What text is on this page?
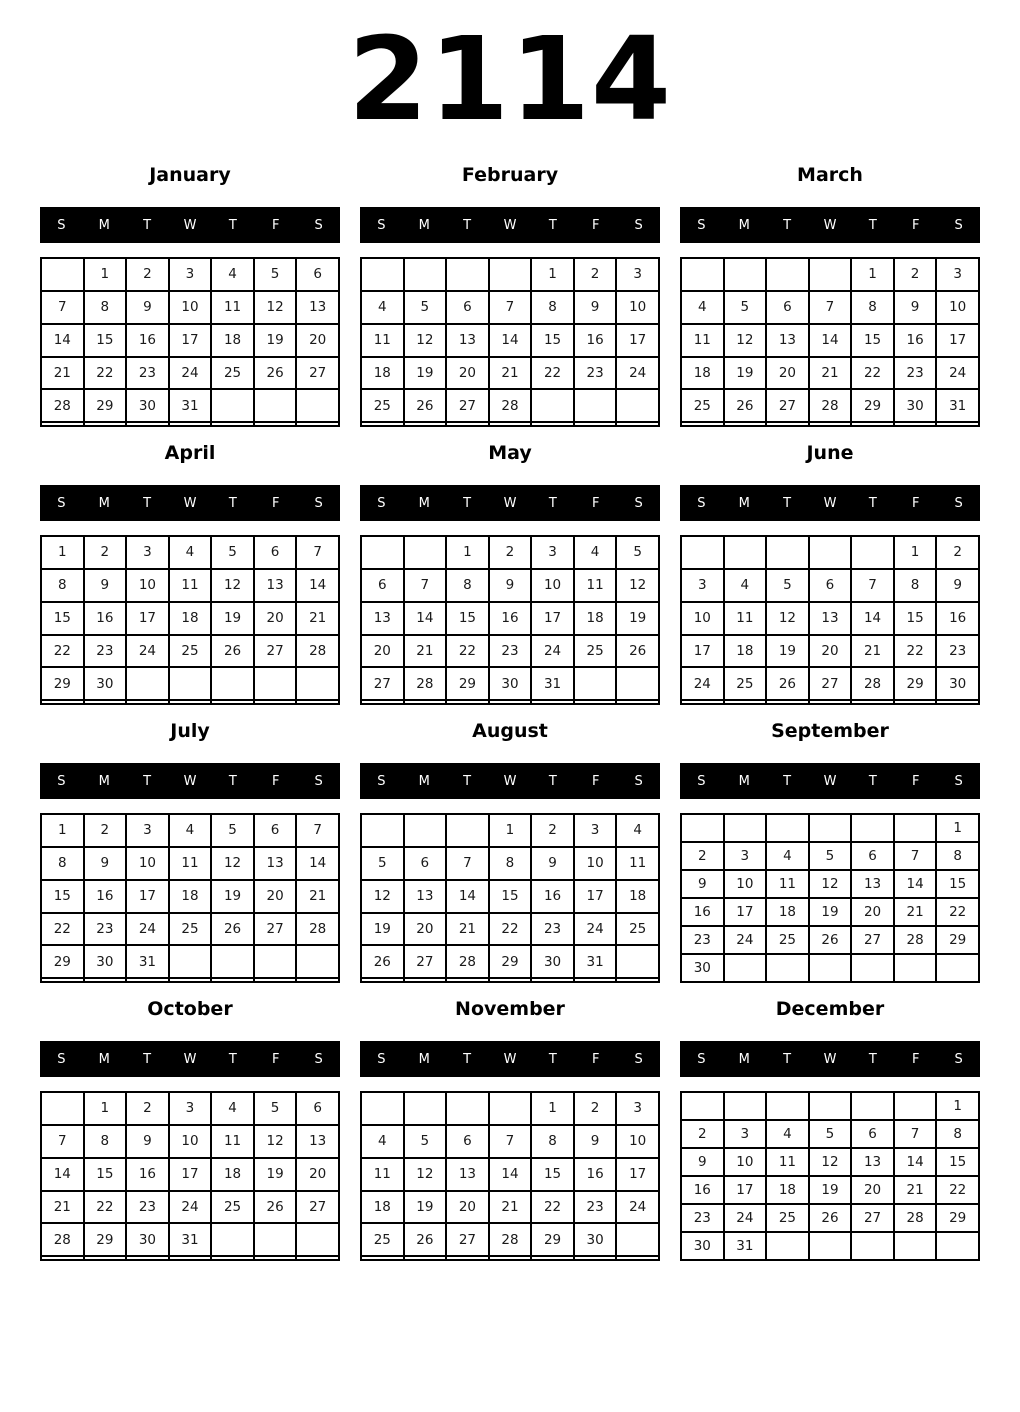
2114
January
S	M	T	W	T	F	S
	1	2	3	4	5	6
7	8	9	10	11	12	13
14	15	16	17	18	19	20
21	22	23	24	25	26	27
28	29	30	31			

February
S	M	T	W	T	F	S
				1	2	3
4	5	6	7	8	9	10
11	12	13	14	15	16	17
18	19	20	21	22	23	24
25	26	27	28			

March
S	M	T	W	T	F	S
				1	2	3
4	5	6	7	8	9	10
11	12	13	14	15	16	17
18	19	20	21	22	23	24
25	26	27	28	29	30	31

April
S	M	T	W	T	F	S
1	2	3	4	5	6	7
8	9	10	11	12	13	14
15	16	17	18	19	20	21
22	23	24	25	26	27	28
29	30					

May
S	M	T	W	T	F	S
		1	2	3	4	5
6	7	8	9	10	11	12
13	14	15	16	17	18	19
20	21	22	23	24	25	26
27	28	29	30	31		

June
S	M	T	W	T	F	S
					1	2
3	4	5	6	7	8	9
10	11	12	13	14	15	16
17	18	19	20	21	22	23
24	25	26	27	28	29	30

July
S	M	T	W	T	F	S
1	2	3	4	5	6	7
8	9	10	11	12	13	14
15	16	17	18	19	20	21
22	23	24	25	26	27	28
29	30	31				

August
S	M	T	W	T	F	S
			1	2	3	4
5	6	7	8	9	10	11
12	13	14	15	16	17	18
19	20	21	22	23	24	25
26	27	28	29	30	31	

September
S	M	T	W	T	F	S
						1
2	3	4	5	6	7	8
9	10	11	12	13	14	15
16	17	18	19	20	21	22
23	24	25	26	27	28	29
30						
October
S	M	T	W	T	F	S
	1	2	3	4	5	6
7	8	9	10	11	12	13
14	15	16	17	18	19	20
21	22	23	24	25	26	27
28	29	30	31			

November
S	M	T	W	T	F	S
				1	2	3
4	5	6	7	8	9	10
11	12	13	14	15	16	17
18	19	20	21	22	23	24
25	26	27	28	29	30	

December
S	M	T	W	T	F	S
						1
2	3	4	5	6	7	8
9	10	11	12	13	14	15
16	17	18	19	20	21	22
23	24	25	26	27	28	29
30	31					
